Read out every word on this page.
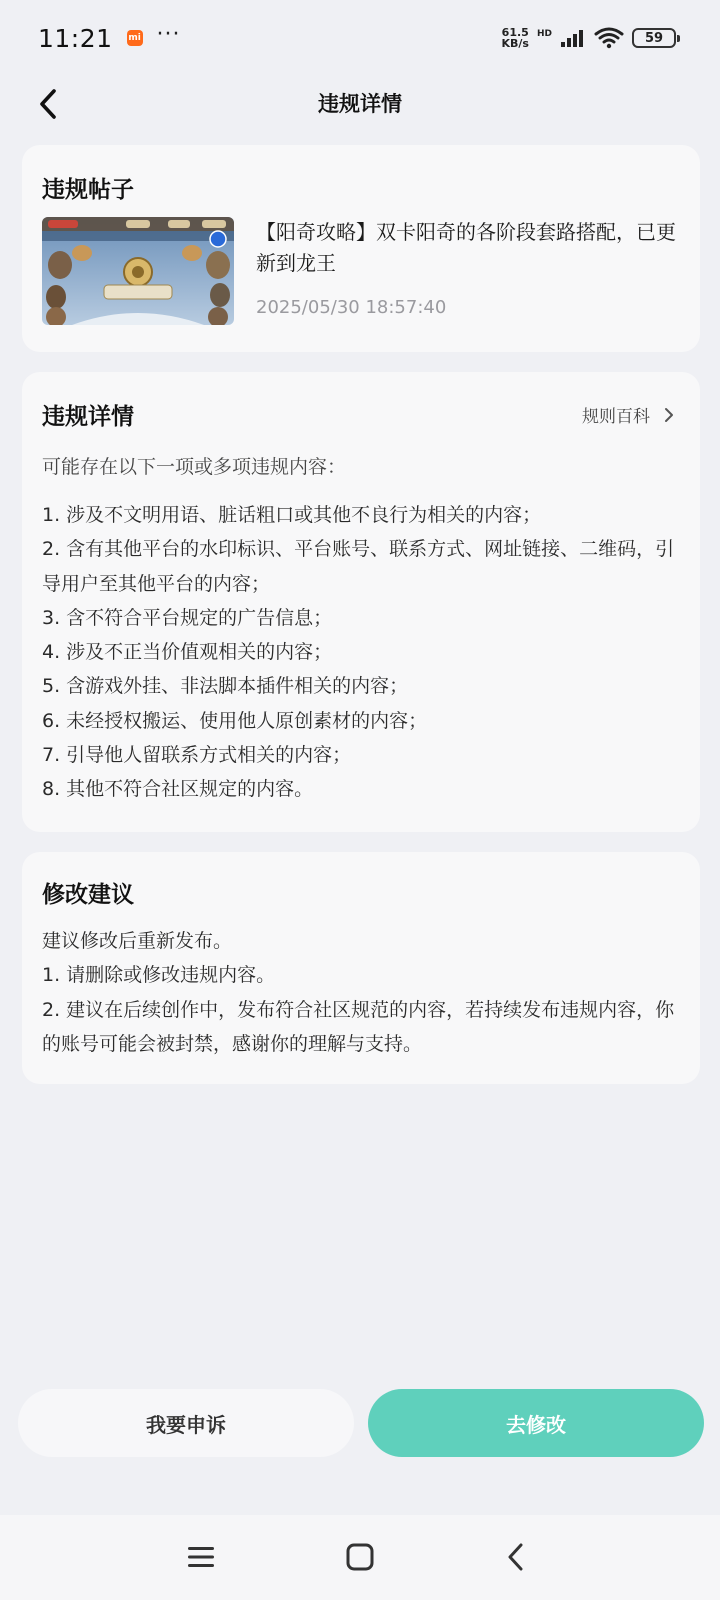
11:21 mi ···	61.5
KB/s
HD	59
违规详情
违规帖子
【阳奇攻略】双卡阳奇的各阶段套路搭配，已更新到龙王
2025/05/30 18:57:40
违规详情	规则百科
可能存在以下一项或多项违规内容：
1. 涉及不文明用语、脏话粗口或其他不良行为相关的内容；
2. 含有其他平台的水印标识、平台账号、联系方式、网址链接、二维码，引导用户至其他平台的内容；
3. 含不符合平台规定的广告信息；
4. 涉及不正当价值观相关的内容；
5. 含游戏外挂、非法脚本插件相关的内容；
6. 未经授权搬运、使用他人原创素材的内容；
7. 引导他人留联系方式相关的内容；
8. 其他不符合社区规定的内容。
修改建议
建议修改后重新发布。
1. 请删除或修改违规内容。
2. 建议在后续创作中，发布符合社区规范的内容，若持续发布违规内容，你的账号可能会被封禁，感谢你的理解与支持。
我要申诉	去修改
